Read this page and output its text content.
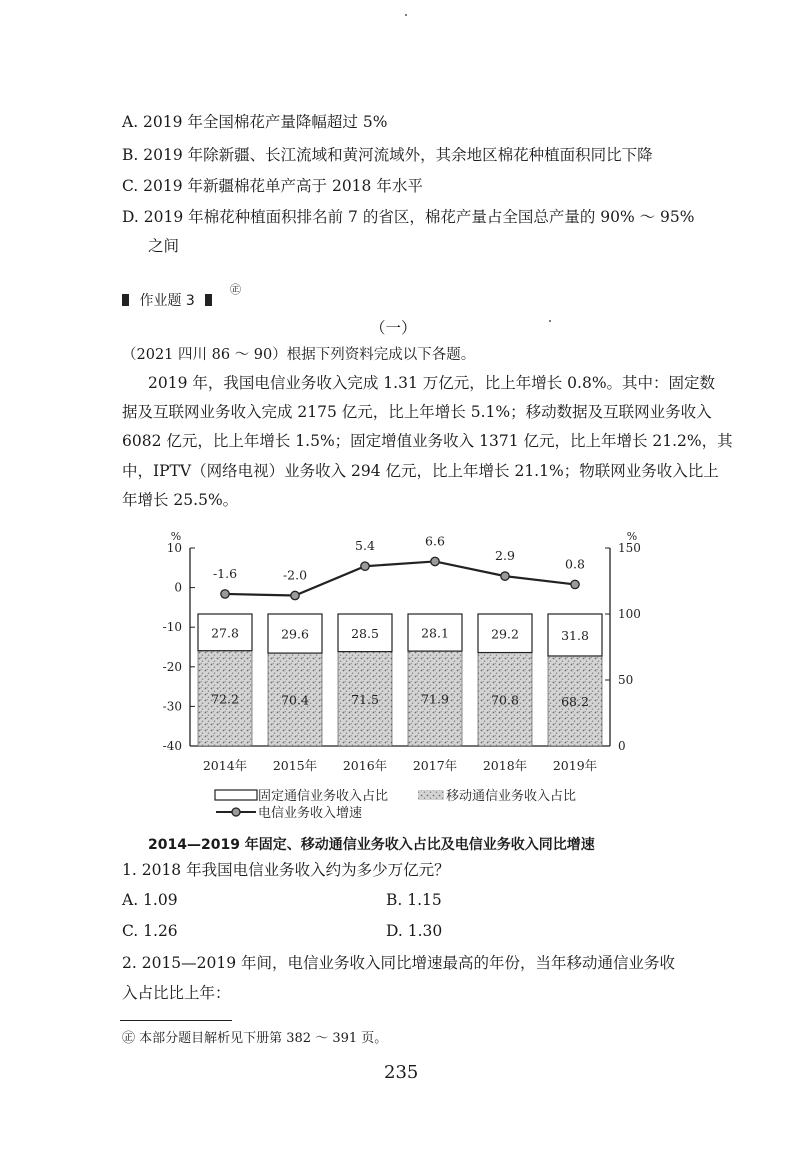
A. 2019 年全国棉花产量降幅超过 5%
B. 2019 年除新疆、长江流域和黄河流域外，其余地区棉花种植面积同比下降
C. 2019 年新疆棉花单产高于 2018 年水平
D. 2019 年棉花种植面积排名前 7 的省区，棉花产量占全国总产量的 90% ～ 95%
之间
作业题 3
㊣
（一）
（2021 四川 86 ～ 90）根据下列资料完成以下各题。
2019 年，我国电信业务收入完成 1.31 万亿元，比上年增长 0.8%。其中：固定数
据及互联网业务收入完成 2175 亿元，比上年增长 5.1%；移动数据及互联网业务收入
6082 亿元，比上年增长 1.5%；固定增值业务收入 1371 亿元，比上年增长 21.2%，其
中，IPTV（网络电视）业务收入 294 亿元，比上年增长 21.1%；物联网业务收入比上
年增长 25.5%。
%
10
0
-10
-20
-30
-40
%
150
100
50
0
27.8
72.2
2014年
29.6
70.4
2015年
28.5
71.5
2016年
28.1
71.9
2017年
29.2
70.8
2018年
31.8
68.2
2019年
-1.6	-2.0
5.4	6.6
2.9
0.8
固定通信业务收入占比	移动通信业务收入占比
电信业务收入增速
2014—2019 年固定、移动通信业务收入占比及电信业务收入同比增速
1. 2018 年我国电信业务收入约为多少万亿元？
A. 1.09	B. 1.15
C. 1.26	D. 1.30
2. 2015—2019 年间，电信业务收入同比增速最高的年份，当年移动通信业务收
入占比比上年：
㊣ 本部分题目解析见下册第 382 ～ 391 页。
235
